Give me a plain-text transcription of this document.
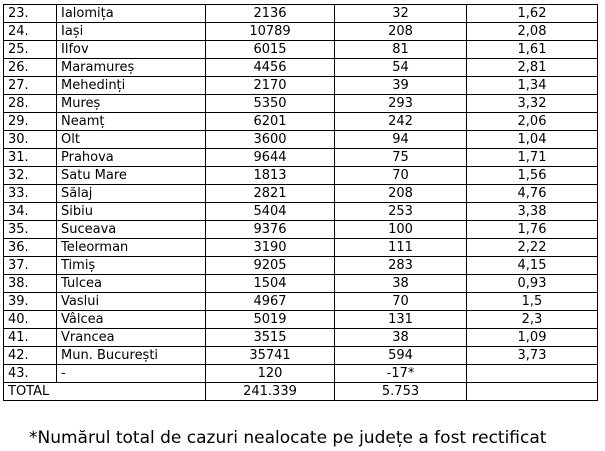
23.	Ialomița	2136	32	1,62
24.	Iași	10789	208	2,08
25.	Ilfov	6015	81	1,61
26.	Maramureș	4456	54	2,81
27.	Mehedinți	2170	39	1,34
28.	Mureș	5350	293	3,32
29.	Neamț	6201	242	2,06
30.	Olt	3600	94	1,04
31.	Prahova	9644	75	1,71
32.	Satu Mare	1813	70	1,56
33.	Sălaj	2821	208	4,76
34.	Sibiu	5404	253	3,38
35.	Suceava	9376	100	1,76
36.	Teleorman	3190	111	2,22
37.	Timiș	9205	283	4,15
38.	Tulcea	1504	38	0,93
39.	Vaslui	4967	70	1,5
40.	Vâlcea	5019	131	2,3
41.	Vrancea	3515	38	1,09
42.	Mun. București	35741	594	3,73
43.	-	120	-17*	
TOTAL		241.339	5.753	
*Numărul total de cazuri nealocate pe județe a fost rectificat
